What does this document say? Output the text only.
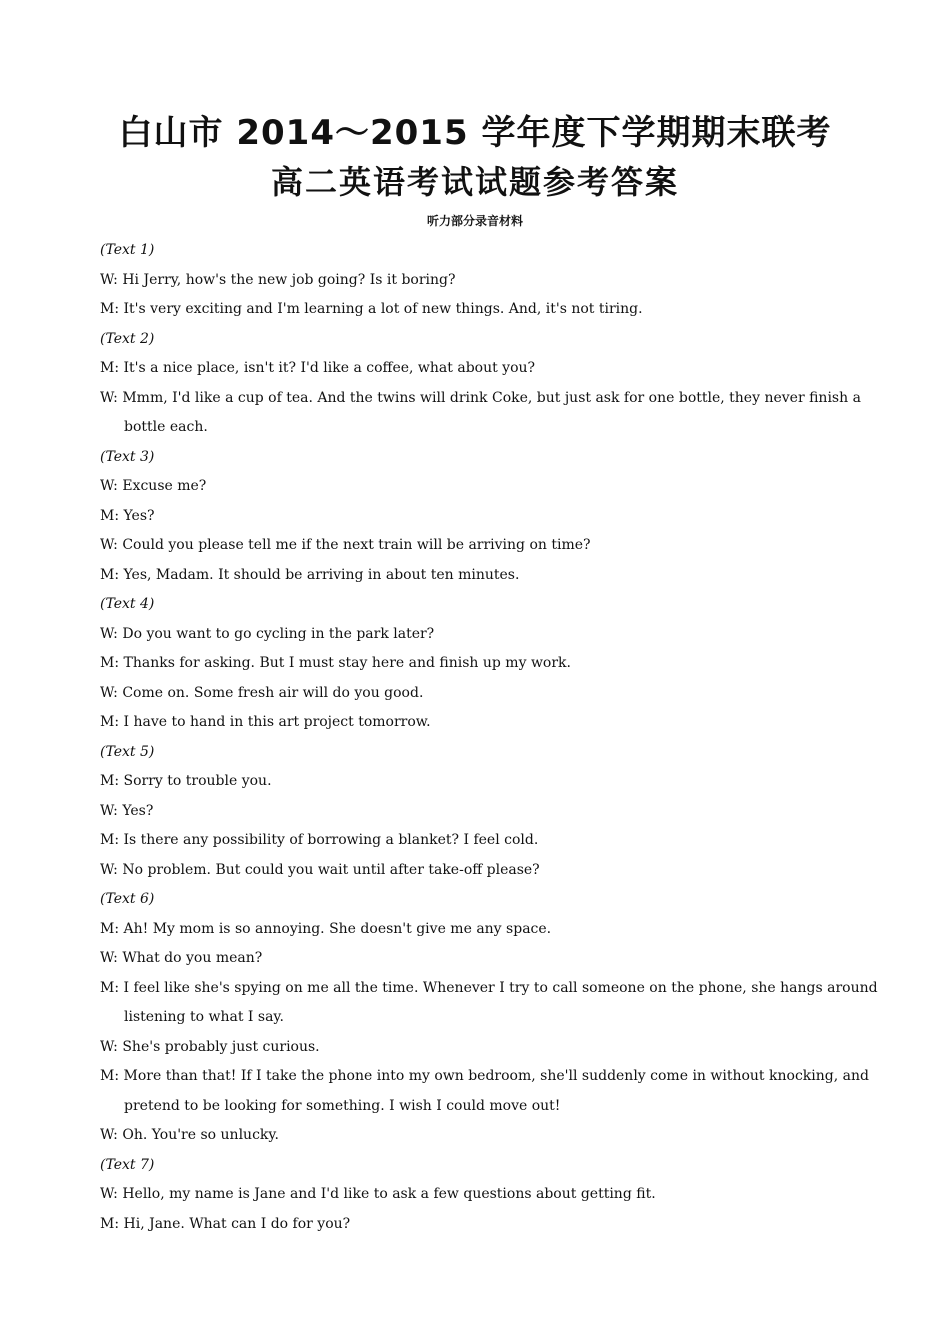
白山市 2014～2015 学年度下学期期末联考
高二英语考试试题参考答案
听力部分录音材料
(Text 1)
W: Hi Jerry, how's the new job going? Is it boring?
M: It's very exciting and I'm learning a lot of new things. And, it's not tiring.
(Text 2)
M: It's a nice place, isn't it? I'd like a coffee, what about you?
W: Mmm, I'd like a cup of tea. And the twins will drink Coke, but just ask for one bottle, they never finish a
bottle each.
(Text 3)
W: Excuse me?
M: Yes?
W: Could you please tell me if the next train will be arriving on time?
M: Yes, Madam. It should be arriving in about ten minutes.
(Text 4)
W: Do you want to go cycling in the park later?
M: Thanks for asking. But I must stay here and finish up my work.
W: Come on. Some fresh air will do you good.
M: I have to hand in this art project tomorrow.
(Text 5)
M: Sorry to trouble you.
W: Yes?
M: Is there any possibility of borrowing a blanket? I feel cold.
W: No problem. But could you wait until after take-off please?
(Text 6)
M: Ah! My mom is so annoying. She doesn't give me any space.
W: What do you mean?
M: I feel like she's spying on me all the time. Whenever I try to call someone on the phone, she hangs around
listening to what I say.
W: She's probably just curious.
M: More than that! If I take the phone into my own bedroom, she'll suddenly come in without knocking, and
pretend to be looking for something. I wish I could move out!
W: Oh. You're so unlucky.
(Text 7)
W: Hello, my name is Jane and I'd like to ask a few questions about getting fit.
M: Hi, Jane. What can I do for you?
